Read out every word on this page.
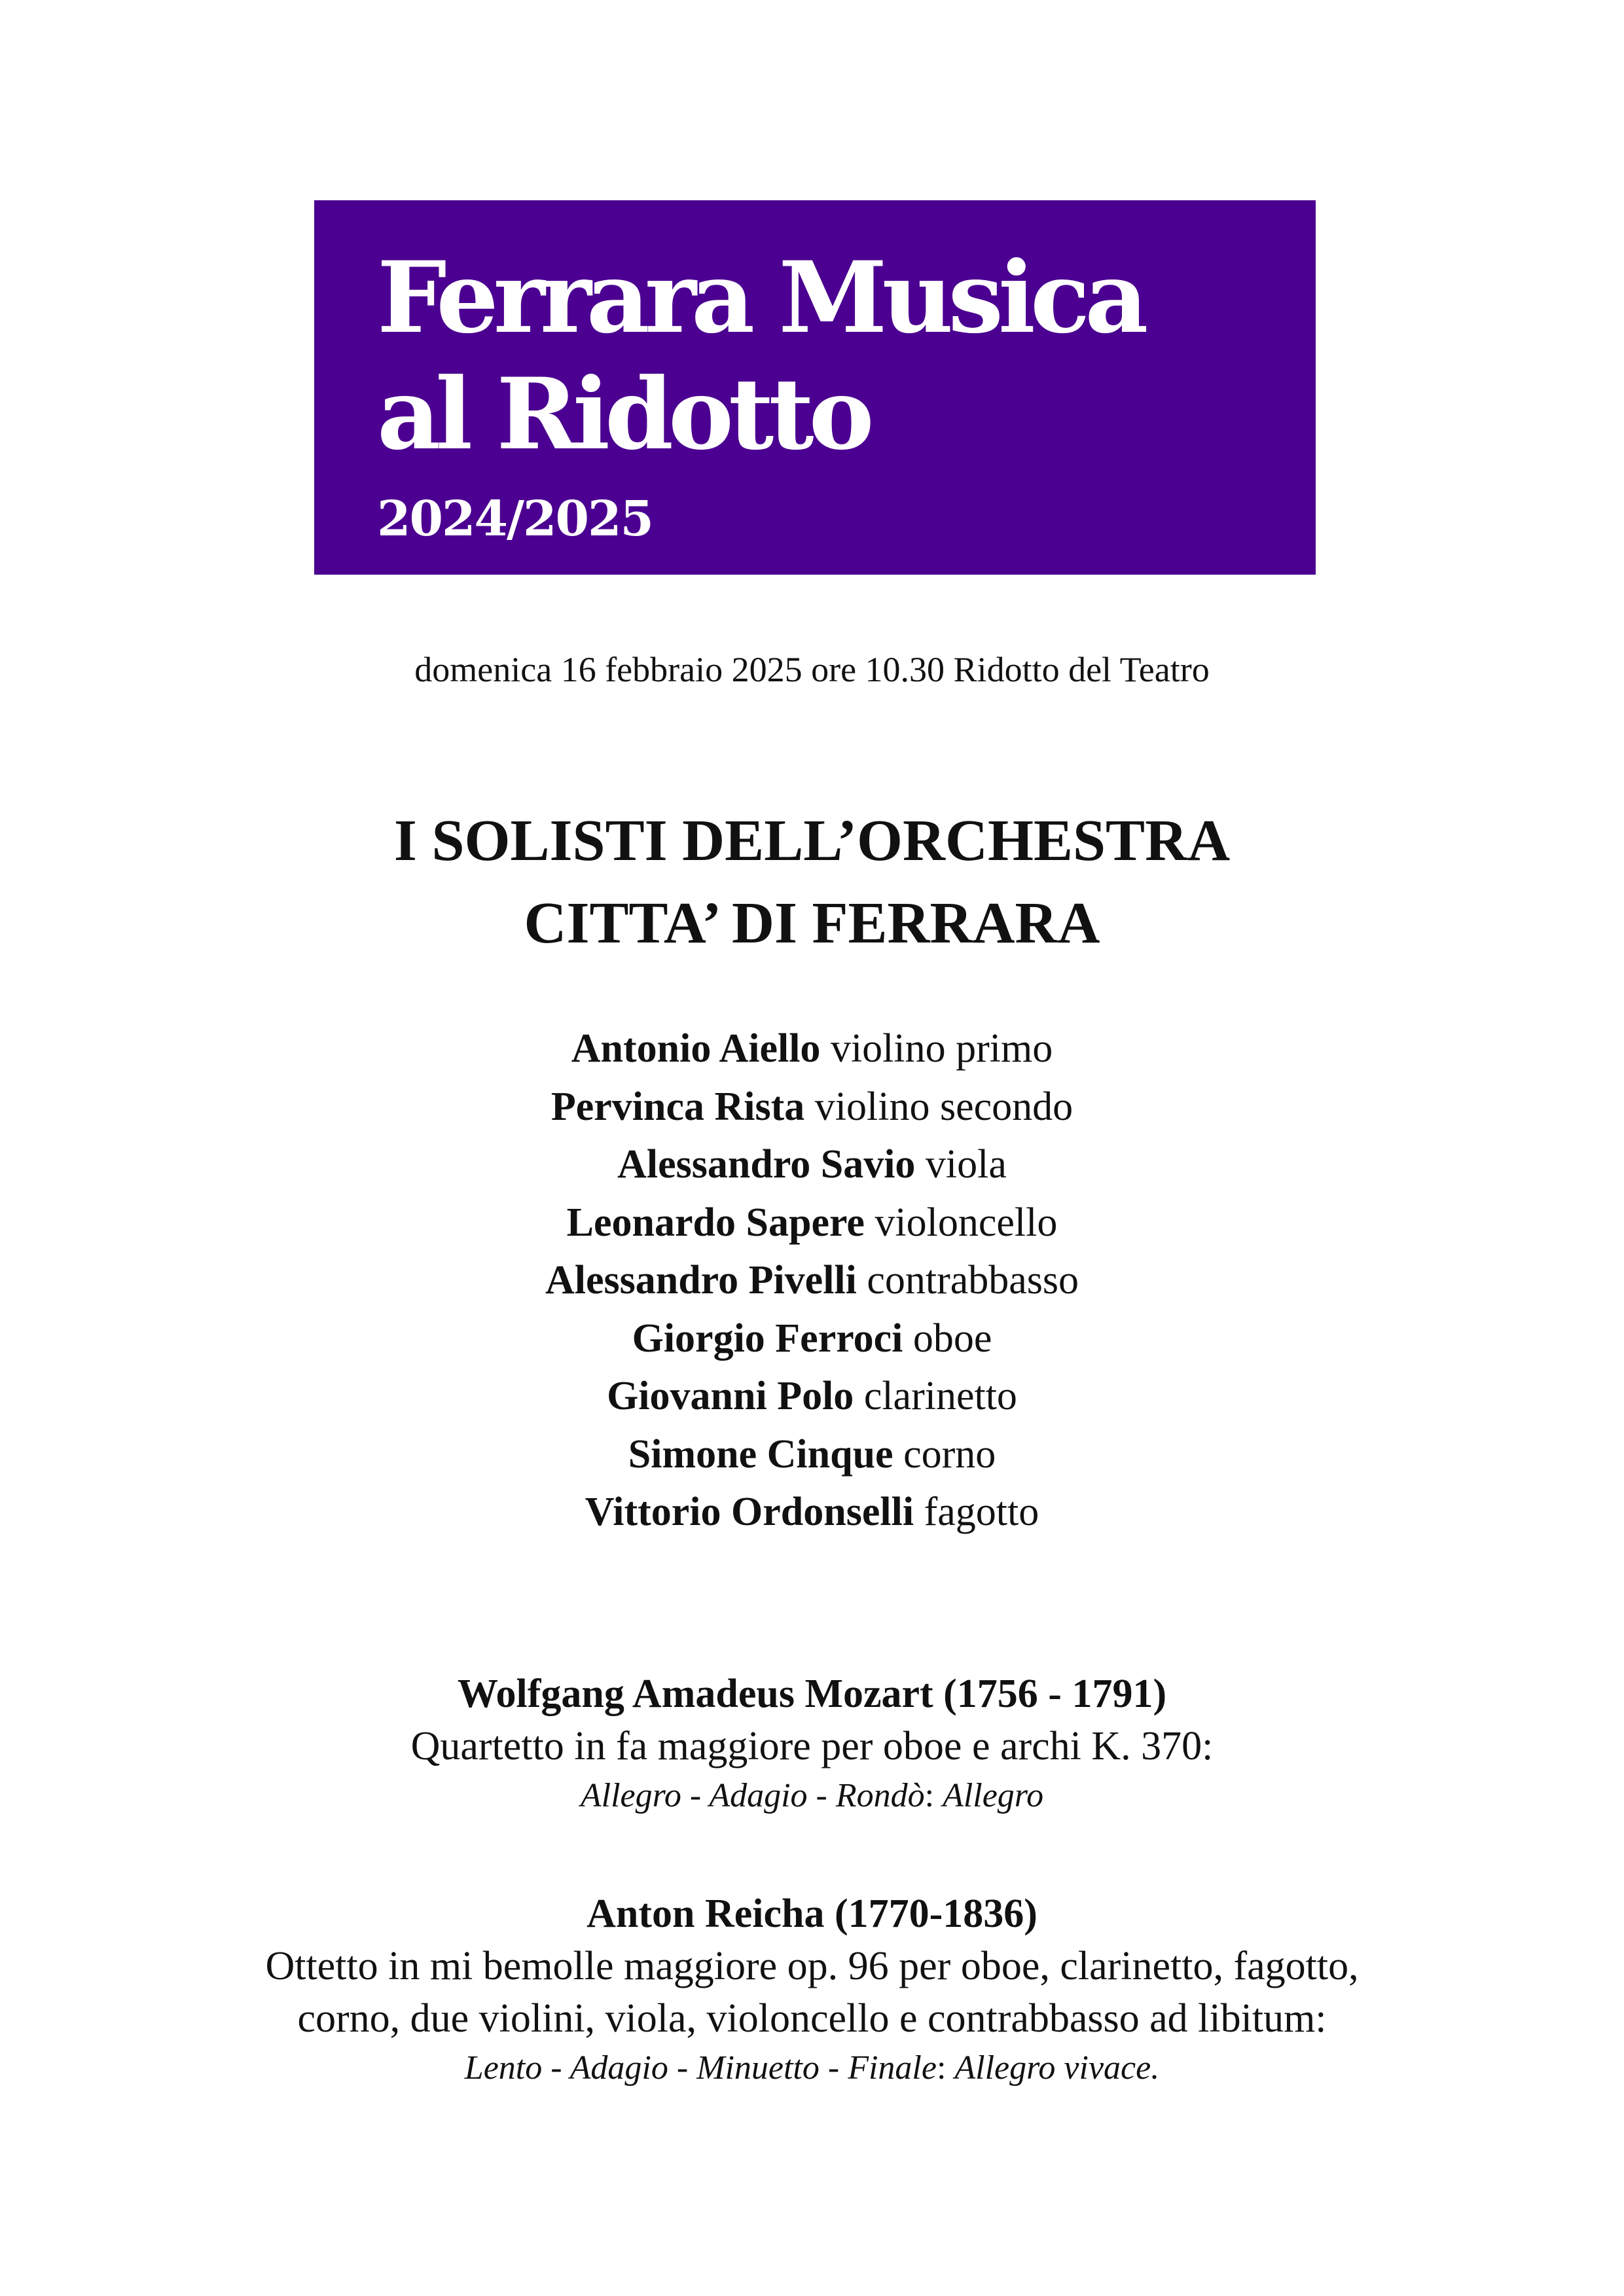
Ferrara Musica
al Ridotto
2024/2025
domenica 16 febbraio 2025 ore 10.30 Ridotto del Teatro
I SOLISTI DELL’ORCHESTRA
CITTA’ DI FERRARA
Antonio Aiello violino primo
Pervinca Rista violino secondo
Alessandro Savio viola
Leonardo Sapere violoncello
Alessandro Pivelli contrabbasso
Giorgio Ferroci oboe
Giovanni Polo clarinetto
Simone Cinque corno
Vittorio Ordonselli fagotto
Wolfgang Amadeus Mozart (1756 - 1791)
Quartetto in fa maggiore per oboe e archi K. 370:
Allegro - Adagio - Rondò: Allegro
Anton Reicha (1770-1836)
Ottetto in mi bemolle maggiore op. 96 per oboe, clarinetto, fagotto,
corno, due violini, viola, violoncello e contrabbasso ad libitum:
Lento - Adagio - Minuetto - Finale: Allegro vivace.
